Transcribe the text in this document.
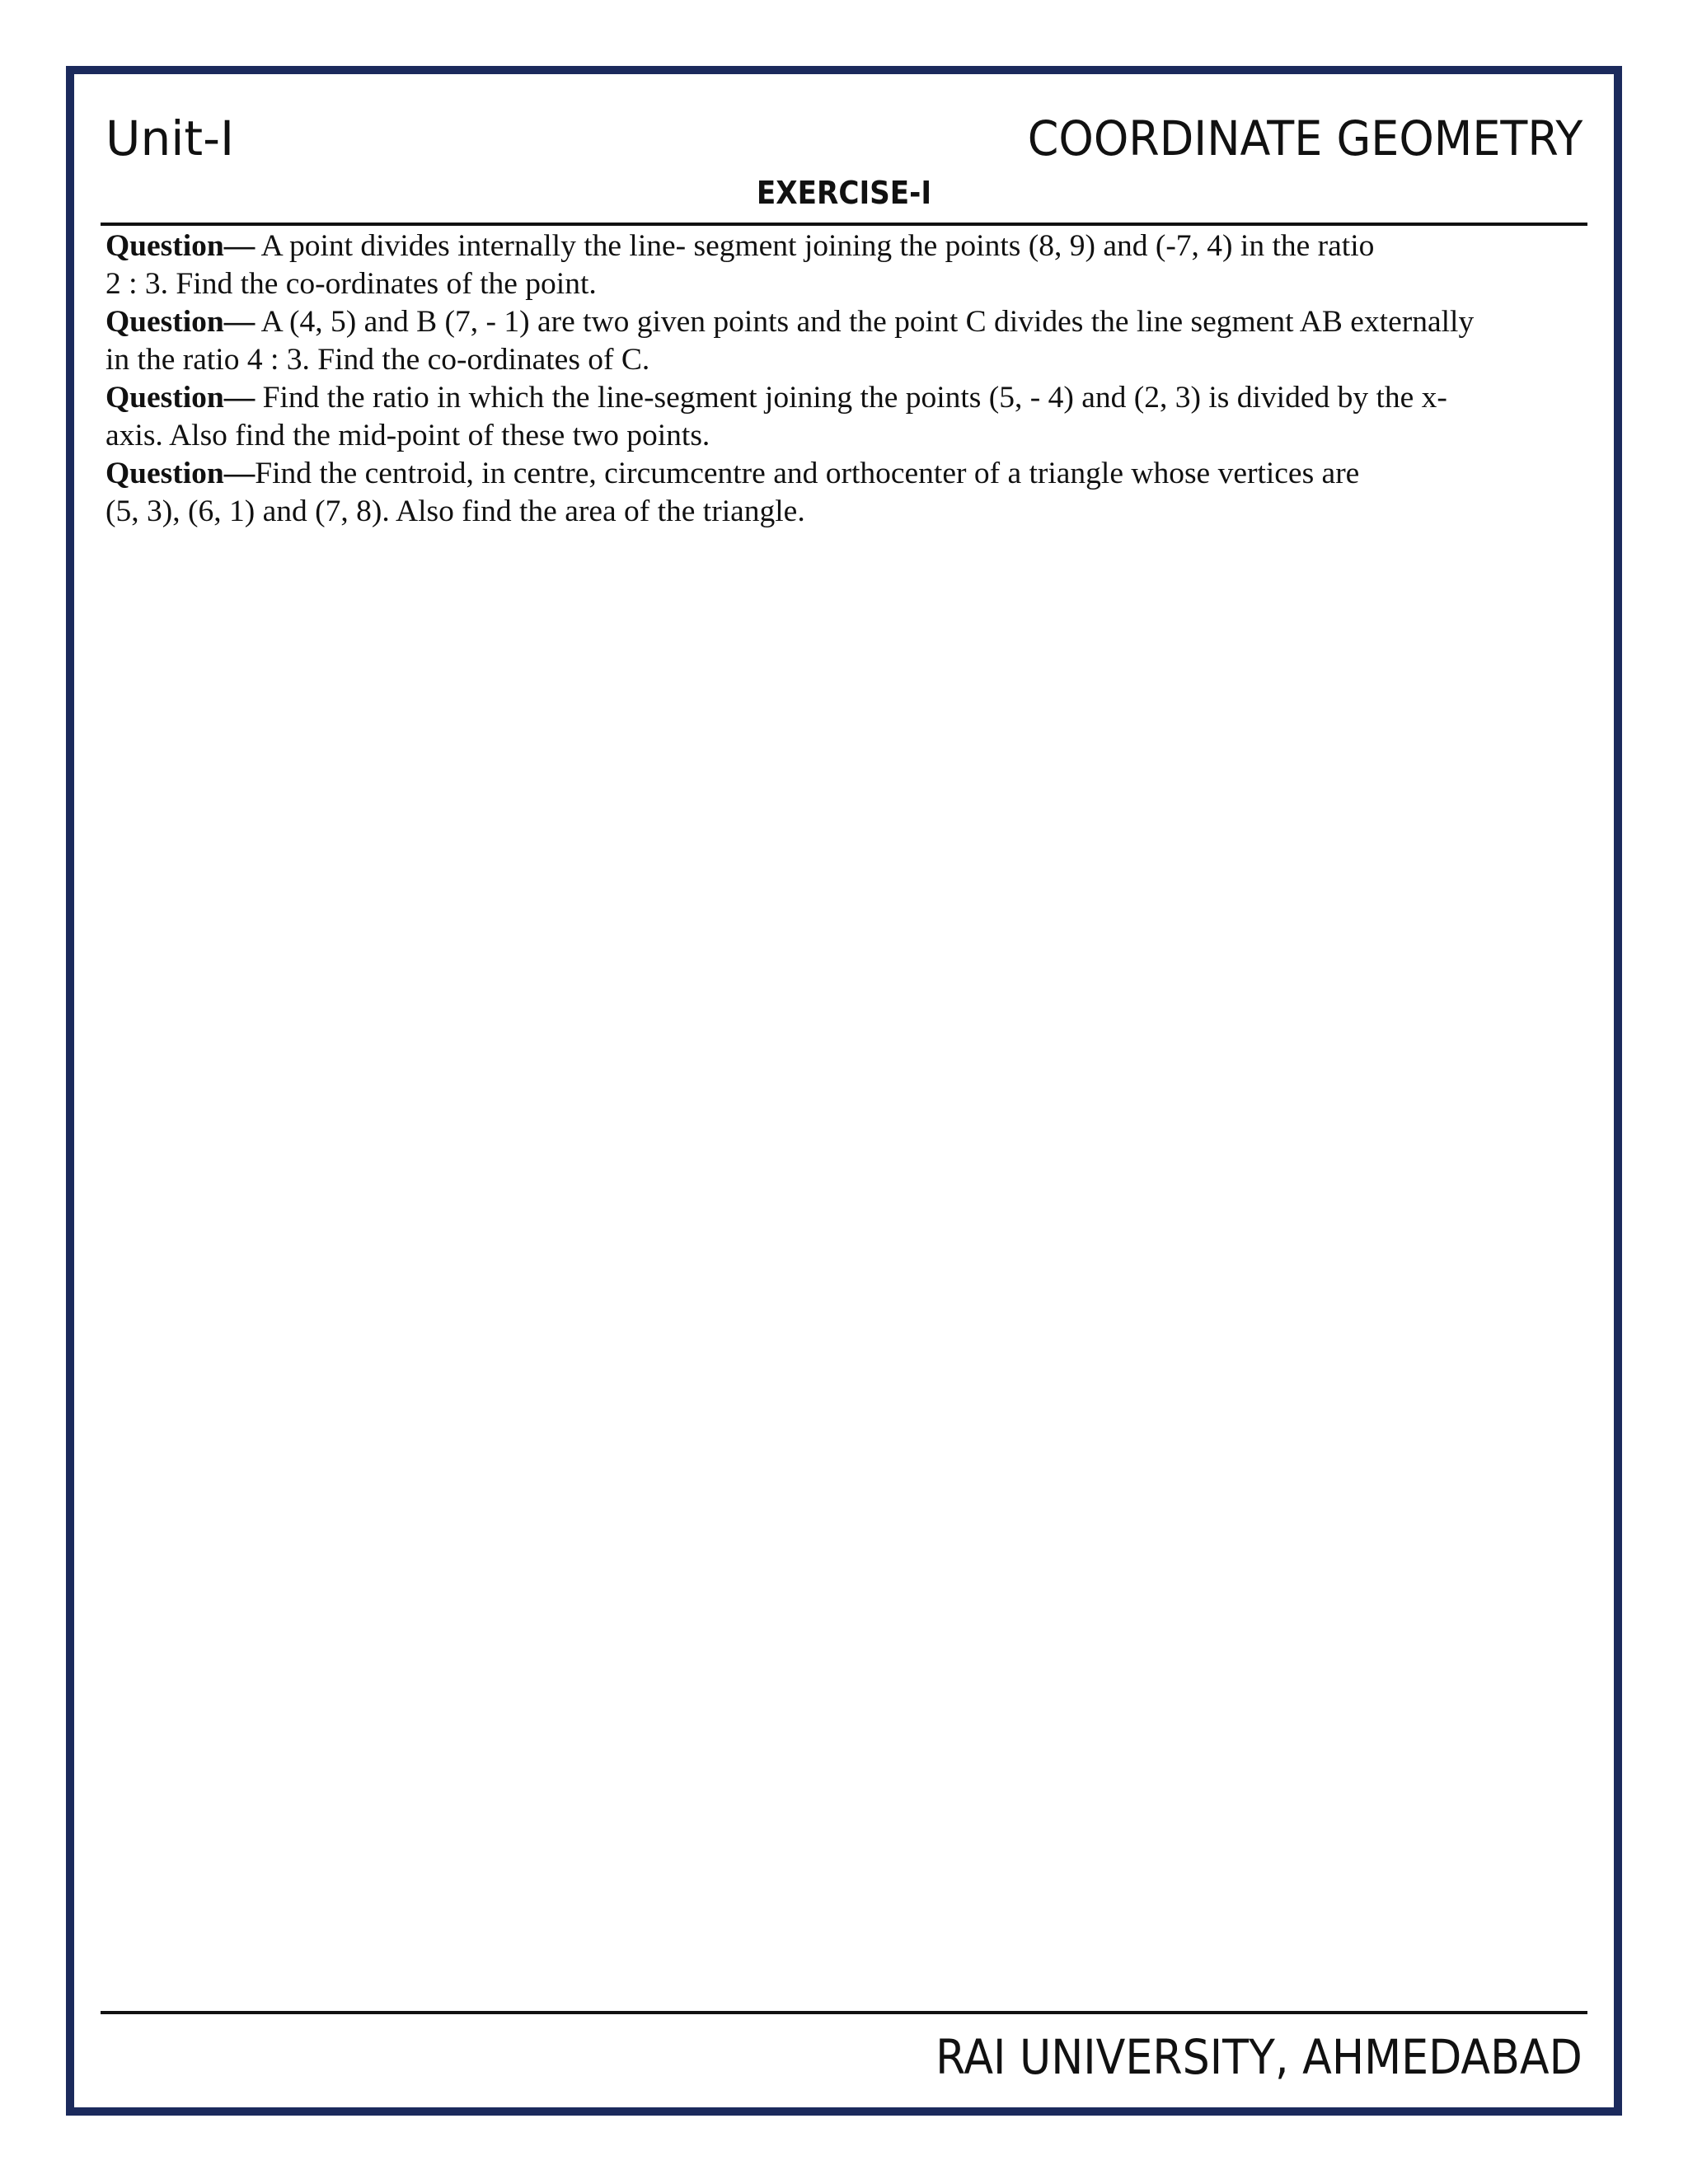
Unit-I	COORDINATE GEOMETRY
EXERCISE-I

Question— A point divides internally the line- segment joining the points (8, 9) and (-7, 4) in the ratio

2 : 3. Find the co-ordinates of the point.

Question— A (4, 5) and B (7, - 1) are two given points and the point C divides the line segment AB externally

in the ratio 4 : 3. Find the co-ordinates of C.

Question— Find the ratio in which the line-segment joining the points (5, - 4) and (2, 3) is divided by the x-

axis. Also find the mid-point of these two points.

Question—Find the centroid, in centre, circumcentre and orthocenter of a triangle whose vertices are

(5, 3), (6, 1) and (7, 8). Also find the area of the triangle.

RAI UNIVERSITY, AHMEDABAD
